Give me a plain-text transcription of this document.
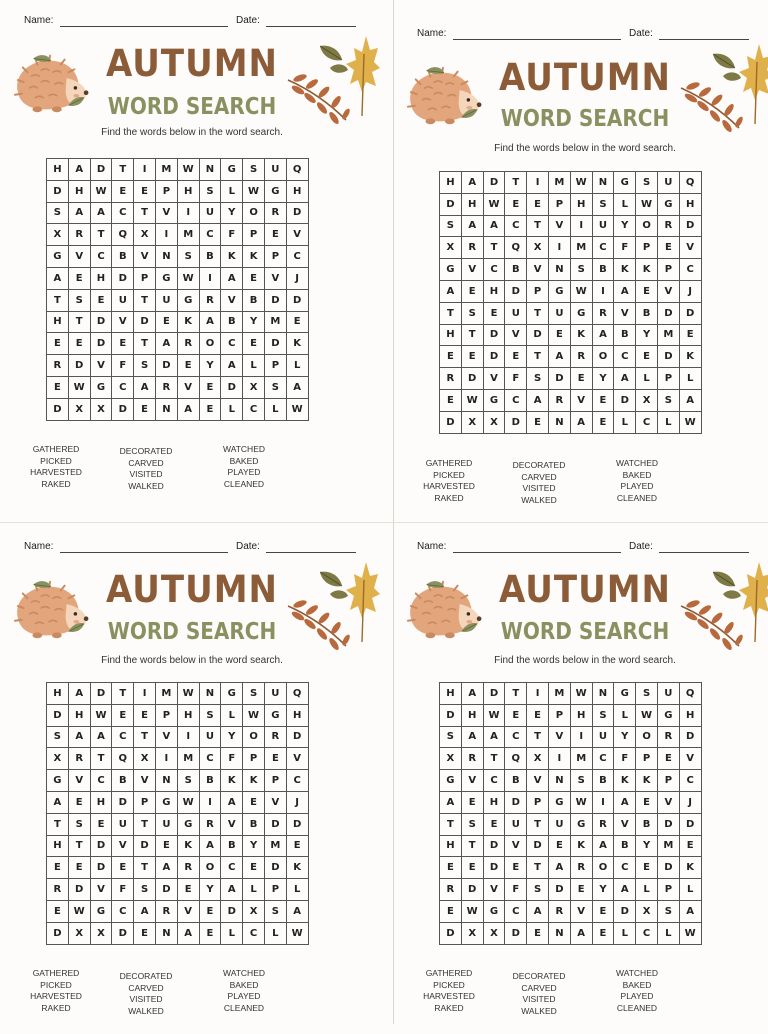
Name:	Date:
AUTUMN
WORD SEARCH
Find the words below in the word search.
H	A	D	T	I	M	W	N	G	S	U	Q
D	H	W	E	E	P	H	S	L	W	G	H
S	A	A	C	T	V	I	U	Y	O	R	D
X	R	T	Q	X	I	M	C	F	P	E	V
G	V	C	B	V	N	S	B	K	K	P	C
A	E	H	D	P	G	W	I	A	E	V	J
T	S	E	U	T	U	G	R	V	B	D	D
H	T	D	V	D	E	K	A	B	Y	M	E
E	E	D	E	T	A	R	O	C	E	D	K
R	D	V	F	S	D	E	Y	A	L	P	L
E	W	G	C	A	R	V	E	D	X	S	A
D	X	X	D	E	N	A	E	L	C	L	W
GATHERED
PICKED
HARVESTED
RAKED
DECORATED
CARVED
VISITED
WALKED
WATCHED
BAKED
PLAYED
CLEANED
Name:	Date:
AUTUMN
WORD SEARCH
Find the words below in the word search.
H	A	D	T	I	M	W	N	G	S	U	Q
D	H	W	E	E	P	H	S	L	W	G	H
S	A	A	C	T	V	I	U	Y	O	R	D
X	R	T	Q	X	I	M	C	F	P	E	V
G	V	C	B	V	N	S	B	K	K	P	C
A	E	H	D	P	G	W	I	A	E	V	J
T	S	E	U	T	U	G	R	V	B	D	D
H	T	D	V	D	E	K	A	B	Y	M	E
E	E	D	E	T	A	R	O	C	E	D	K
R	D	V	F	S	D	E	Y	A	L	P	L
E	W	G	C	A	R	V	E	D	X	S	A
D	X	X	D	E	N	A	E	L	C	L	W
GATHERED
PICKED
HARVESTED
RAKED
DECORATED
CARVED
VISITED
WALKED
WATCHED
BAKED
PLAYED
CLEANED
Name:	Date:
AUTUMN
WORD SEARCH
Find the words below in the word search.
H	A	D	T	I	M	W	N	G	S	U	Q
D	H	W	E	E	P	H	S	L	W	G	H
S	A	A	C	T	V	I	U	Y	O	R	D
X	R	T	Q	X	I	M	C	F	P	E	V
G	V	C	B	V	N	S	B	K	K	P	C
A	E	H	D	P	G	W	I	A	E	V	J
T	S	E	U	T	U	G	R	V	B	D	D
H	T	D	V	D	E	K	A	B	Y	M	E
E	E	D	E	T	A	R	O	C	E	D	K
R	D	V	F	S	D	E	Y	A	L	P	L
E	W	G	C	A	R	V	E	D	X	S	A
D	X	X	D	E	N	A	E	L	C	L	W
GATHERED
PICKED
HARVESTED
RAKED
DECORATED
CARVED
VISITED
WALKED
WATCHED
BAKED
PLAYED
CLEANED
Name:	Date:
AUTUMN
WORD SEARCH
Find the words below in the word search.
H	A	D	T	I	M	W	N	G	S	U	Q
D	H	W	E	E	P	H	S	L	W	G	H
S	A	A	C	T	V	I	U	Y	O	R	D
X	R	T	Q	X	I	M	C	F	P	E	V
G	V	C	B	V	N	S	B	K	K	P	C
A	E	H	D	P	G	W	I	A	E	V	J
T	S	E	U	T	U	G	R	V	B	D	D
H	T	D	V	D	E	K	A	B	Y	M	E
E	E	D	E	T	A	R	O	C	E	D	K
R	D	V	F	S	D	E	Y	A	L	P	L
E	W	G	C	A	R	V	E	D	X	S	A
D	X	X	D	E	N	A	E	L	C	L	W
GATHERED
PICKED
HARVESTED
RAKED
DECORATED
CARVED
VISITED
WALKED
WATCHED
BAKED
PLAYED
CLEANED
